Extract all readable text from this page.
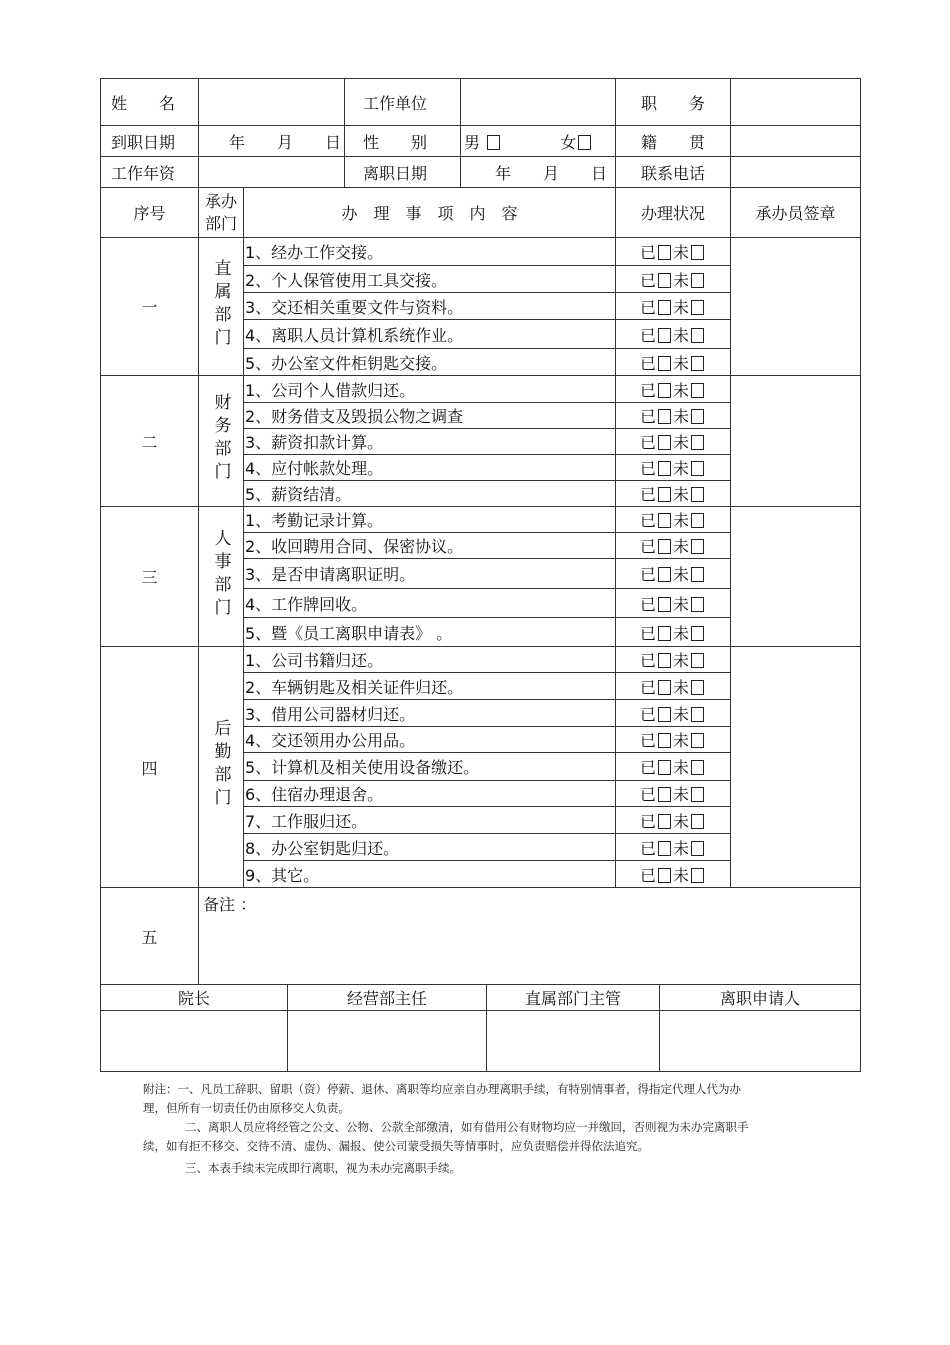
姓　　名			工作单位		职　　务	
到职日期	年　　月　　日		性　　别	男 女	籍　　贯	
工作年资			离职日期	年　　月　　日	联系电话	
序号	承办部门	办　理　事　项　内　容			办理状况	承办员签章
一	直属部门	1、经办工作交接。			已 未	
		2、个人保管使用工具交接。			已 未	
		3、交还相关重要文件与资料。			已 未	
		4、离职人员计算机系统作业。			已 未	
		5、办公室文件柜钥匙交接。			已 未	
二	财务部门	1、公司个人借款归还。			已 未	
		2、财务借支及毁损公物之调查			已 未	
		3、薪资扣款计算。			已 未	
		4、应付帐款处理。			已 未	
		5、薪资结清。			已 未	
三	人事部门	1、考勤记录计算。			已 未	
		2、收回聘用合同、保密协议。			已 未	
		3、是否申请离职证明。			已 未	
		4、工作牌回收。			已 未	
		5、暨《员工离职申请表》 。			已 未	
四	后勤部门	1、公司书籍归还。			已 未	
		2、车辆钥匙及相关证件归还。			已 未	
		3、借用公司器材归还。			已 未	
		4、交还领用办公用品。			已 未	
		5、计算机及相关使用设备缴还。			已 未	
		6、住宿办理退舍。			已 未	
		7、工作服归还。			已 未	
		8、办公室钥匙归还。			已 未	
		9、其它。			已 未	
五	备注 ：					
院长	经营部主任	直属部门主管	离职申请人

附注：一、凡员工辞职、留职（资）停薪、退休、离职等均应亲自办理离职手续，有特别情事者，得指定代理人代为办理，但所有一切责任仍由原移交人负责。

二、离职人员应将经管之公文、公物、公款全部缴清，如有借用公有财物均应一并缴回，否则视为未办完离职手续，如有拒不移交、交待不清、虚伪、漏报、使公司蒙受损失等情事时，应负责赔偿并得依法追究。

三、本表手续未完成即行离职，视为未办完离职手续。
